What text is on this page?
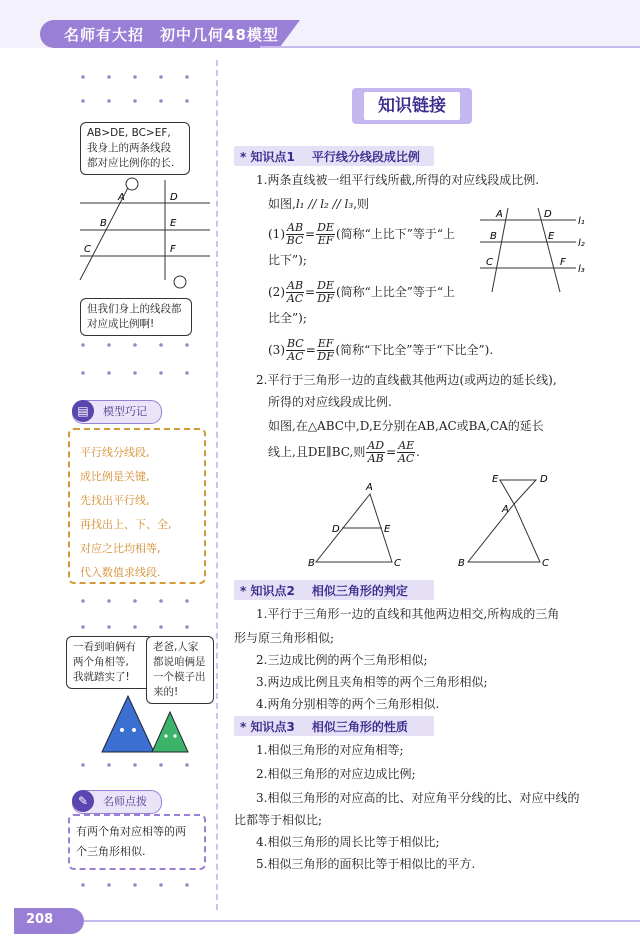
名师有大招　初中几何48模型
AB>DE, BC>EF,
我身上的两条线段
都对应比例你的长.
A
B
C
D
E
F
但我们身上的线段都
对应成比例啊!
模型巧记
▤
平行线分线段,
成比例是关键,
先找出平行线,
再找出上、下、全,
对应之比均相等,
代入数值求线段.
一看到咱俩有
两个角相等,
我就踏实了!
老爸,人家
都说咱俩是
一个模子出
来的!
名师点拨
✎
有两个角对应相等的两
个三角形相似.
知识链接
* 知识点1 平行线分线段成比例
1.两条直线被一组平行线所截,所得的对应线段成比例.
如图,l₁ // l₂ // l₃,则
$(1) \frac{AB}{BC} = \frac{DE}{EF}$ (简称“上比下”等于“上
比下”);
$(2) \frac{AB}{AC} = \frac{DE}{DF}$ (简称“上比全”等于“上
比全”);
$(3) \frac{BC}{AC} = \frac{EF}{DF}$ (简称“下比全”等于“下比全”).
A
B
C
D
E
F
l₁
l₂
l₃
2.平行于三角形一边的直线截其他两边(或两边的延长线),
所得的对应线段成比例.
如图,在△ABC中,D,E分别在AB,AC或BA,CA的延长
线上,且DE∥BC,则 $\frac{AD}{AB} = \frac{AE}{AC}$ .
A
D	E
B	C
E	D
A
B	C
* 知识点2 相似三角形的判定
1.平行于三角形一边的直线和其他两边相交,所构成的三角
形与原三角形相似;
2.三边成比例的两个三角形相似;
3.两边成比例且夹角相等的两个三角形相似;
4.两角分别相等的两个三角形相似.
* 知识点3 相似三角形的性质
1.相似三角形的对应角相等;
2.相似三角形的对应边成比例;
3.相似三角形的对应高的比、对应角平分线的比、对应中线的
比都等于相似比;
4.相似三角形的周长比等于相似比;
5.相似三角形的面积比等于相似比的平方.
208
